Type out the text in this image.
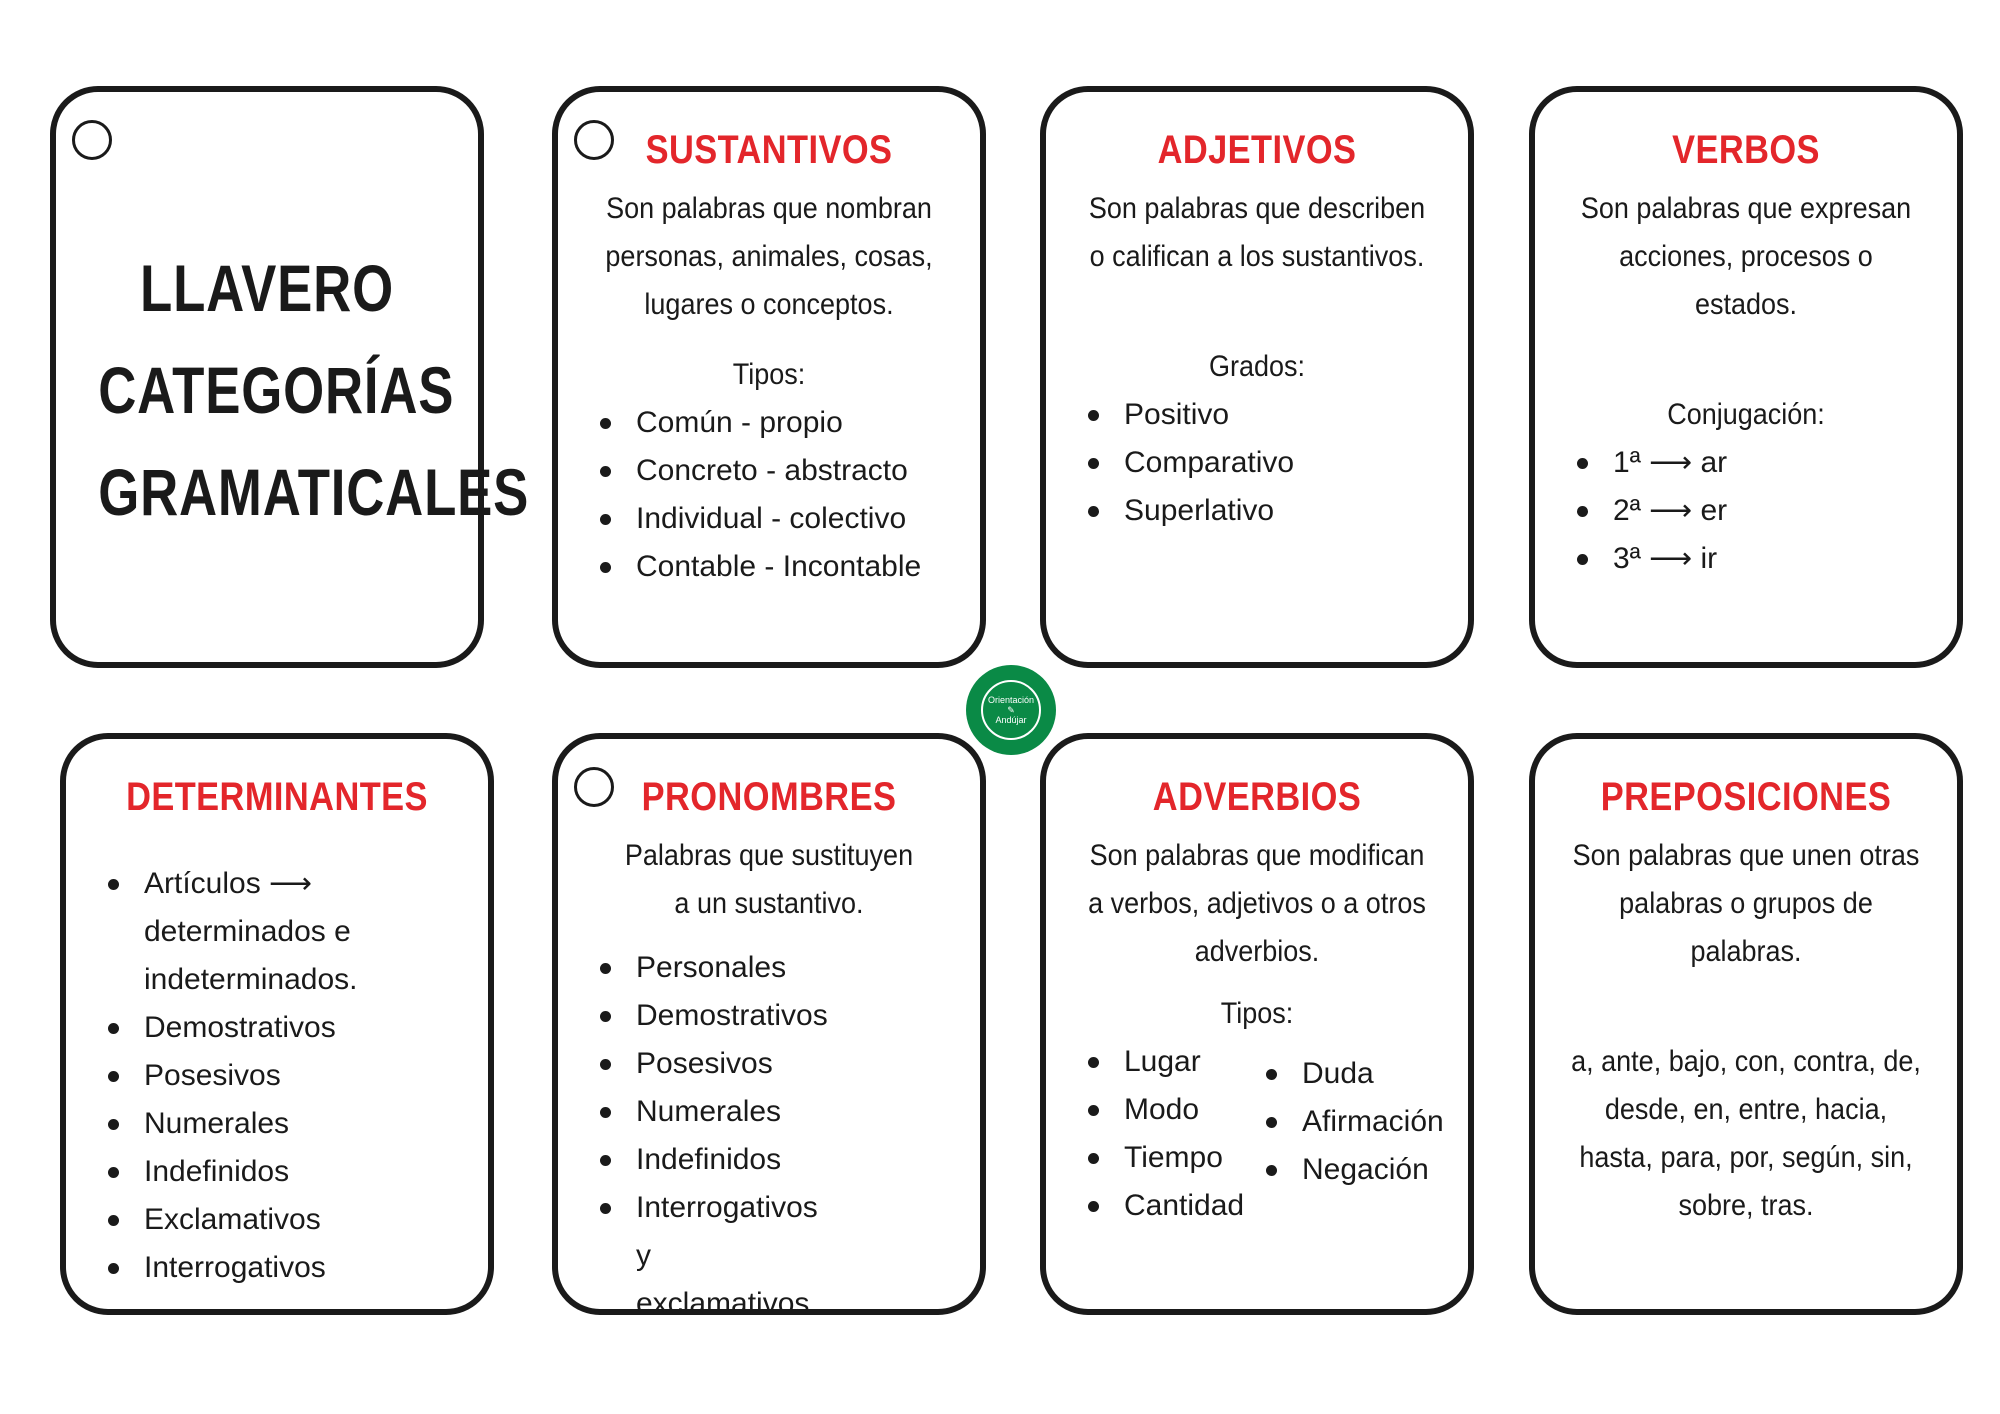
LLAVERO
CATEGORÍAS
GRAMATICALES
SUSTANTIVOS
Son palabras que nombran personas, animales, cosas, lugares o conceptos.
Tipos:
Común - propio
Concreto - abstracto
Individual - colectivo
Contable - Incontable
ADJETIVOS
Son palabras que describen o califican a los sustantivos.
Grados:
Positivo
Comparativo
Superlativo
VERBOS
Son palabras que expresan acciones, procesos o estados.
Conjugación:
1ª ⟶ ar
2ª ⟶ er
3ª ⟶ ir
Orientación
✎
Andújar
DETERMINANTES
Artículos ⟶ determinados e indeterminados.
Demostrativos
Posesivos
Numerales
Indefinidos
Exclamativos
Interrogativos
PRONOMBRES
Palabras que sustituyen a un sustantivo.
Personales
Demostrativos
Posesivos
Numerales
Indefinidos
Interrogativos y exclamativos.
ADVERBIOS
Son palabras que modifican a verbos, adjetivos o a otros adverbios.
Tipos:
Lugar
Modo
Tiempo
Cantidad
Duda
Afirmación
Negación
PREPOSICIONES
Son palabras que unen otras palabras o grupos de palabras.
a, ante, bajo, con, contra, de, desde, en, entre, hacia, hasta, para, por, según, sin, sobre, tras.
